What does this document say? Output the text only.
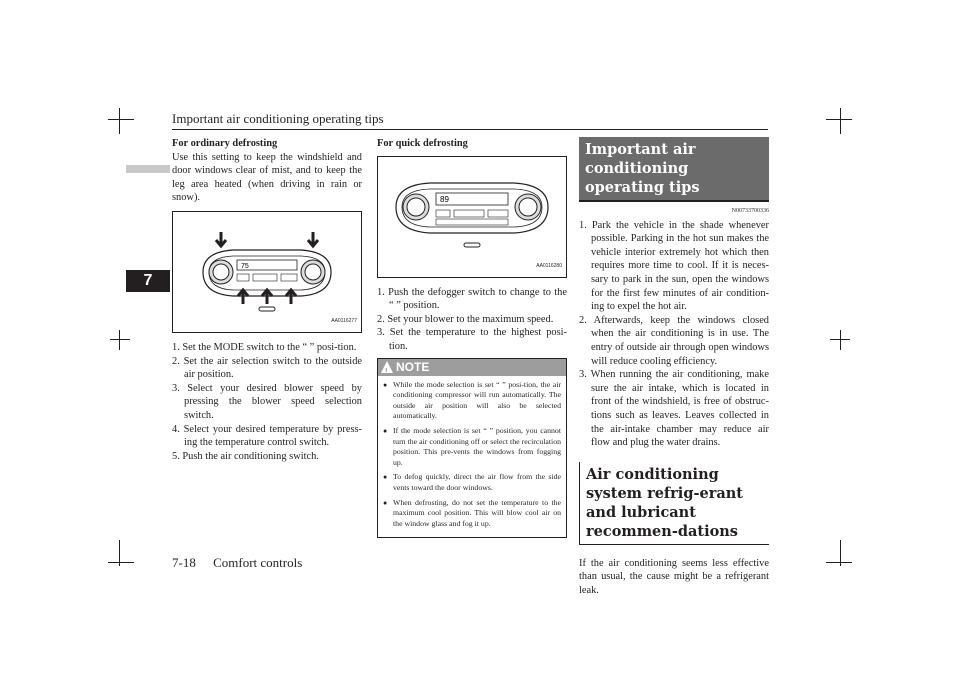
Important air conditioning operating tips
7
For ordinary defrosting
Use this setting to keep the windshield and door windows clear of mist, and to keep the leg area heated (when driving in rain or snow).
75
AA0116277
1. Set the MODE switch to the “ ” posi-tion.
2. Set the air selection switch to the outside air position.
3. Select your desired blower speed by pressing the blower speed selection switch.
4. Select your desired temperature by press-ing the temperature control switch.
5. Push the air conditioning switch.
For quick defrosting
89
AA0116280
1. Push the defogger switch to change to the “ ” position.
2. Set your blower to the maximum speed.
3. Set the temperature to the highest posi-tion.
!
NOTE
● While the mode selection is set “ ” posi-tion, the air conditioning compressor will run automatically. The outside air position will also be selected automatically.
● If the mode selection is set “ ” position, you cannot turn the air conditioning off or select the recirculation position. This pre-vents the windows from fogging up.
● To defog quickly, direct the air flow from the side vents toward the door windows.
● When defrosting, do not set the temperature to the maximum cool position. This will blow cool air on the window glass and fog it up.
Important air conditioning operating tips
N00733700336
1. Park the vehicle in the shade whenever possible. Parking in the hot sun makes the vehicle interior extremely hot which then requires more time to cool. If it is neces-sary to park in the sun, open the windows for the first few minutes of air condition-ing to expel the hot air.
2. Afterwards, keep the windows closed when the air conditioning is in use. The entry of outside air through open windows will reduce cooling efficiency.
3. When running the air conditioning, make sure the air intake, which is located in front of the windshield, is free of obstruc-tions such as leaves. Leaves collected in the air-intake chamber may reduce air flow and plug the water drains.
Air conditioning system refrig-erant and lubricant recommen-dations
If the air conditioning seems less effective than usual, the cause might be a refrigerant leak.
7-18 Comfort controls
